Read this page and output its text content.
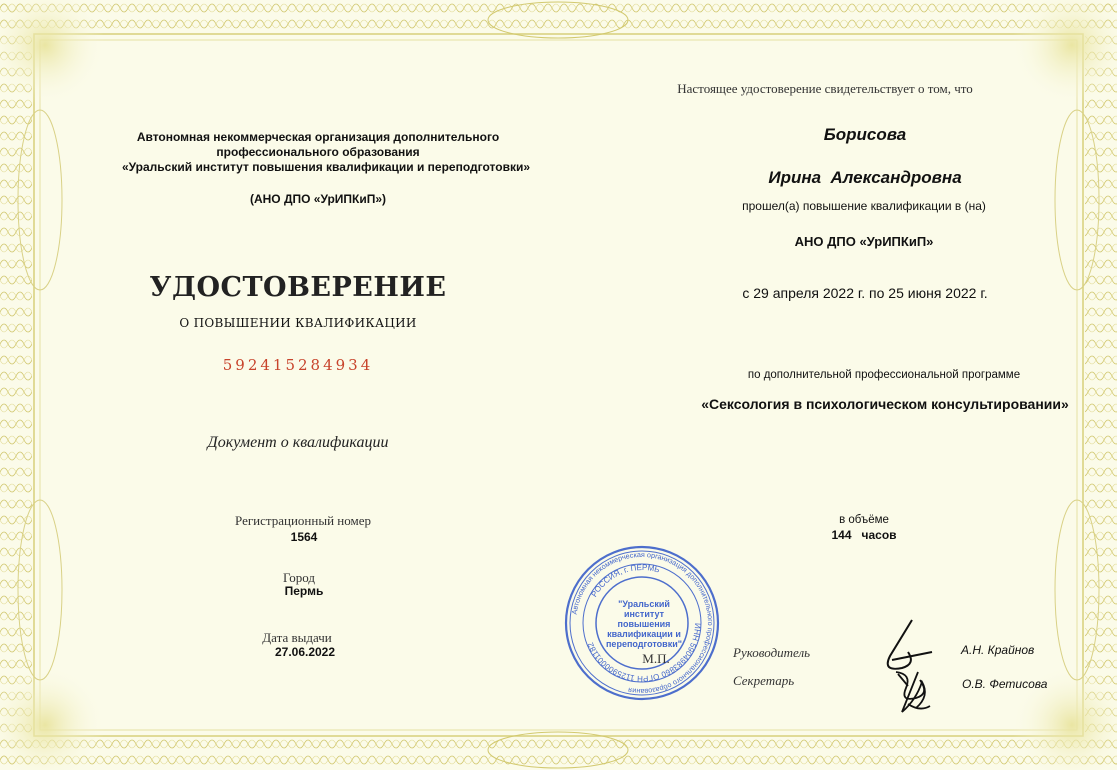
Автономная некоммерческая организация дополнительного
профессионального образования
«Уральский институт повышения квалификации и переподготовки»
(АНО ДПО «УрИПКиП»)
УДОСТОВЕРЕНИЕ
О ПОВЫШЕНИИ КВАЛИФИКАЦИИ
592415284934
Документ о квалификации
Регистрационный номер
1564
Город
Пермь
Дата выдачи
27.06.2022
Настоящее удостоверение свидетельствует о том, что
Борисова
Ирина  Александровна
прошел(а) повышение квалификации в (на)
АНО ДПО «УрИПКиП»
с 29 апреля 2022 г. по 25 июня 2022 г.
по дополнительной профессиональной программе
«Сексология в психологическом консультировании»
в объёме
144   часов
Руководитель	А.Н. Крайнов
Секретарь	О.В. Фетисова
Автономная некоммерческая организация дополнительного профессионального образования
ИНН 5904983860 ОГРН 1125900001182
РОССИЯ, г. ПЕРМЬ
"Уральский
институт
повышения
квалификации и
переподготовки"
М.П.
